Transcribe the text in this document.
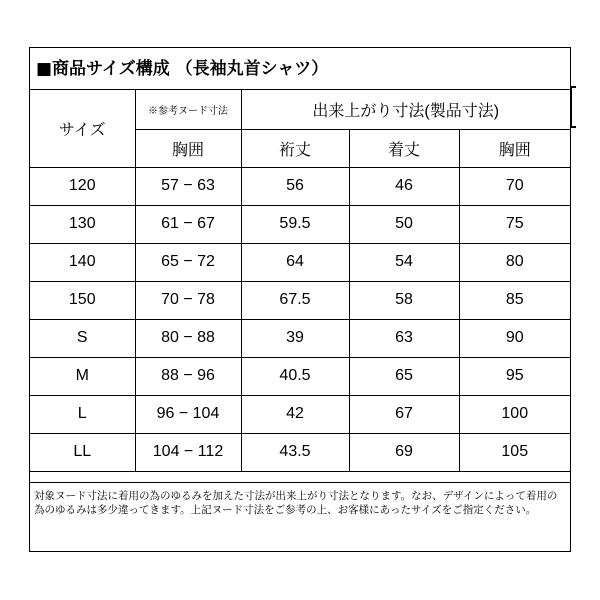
■商品サイズ構成 （長袖丸首シャツ）
サイズ	※参考ヌード寸法	出来上がり寸法(製品寸法)		
	胸囲	裄丈	着丈	胸囲
120	57 − 63	56	46	70
130	61 − 67	59.5	50	75
140	65 − 72	64	54	80
150	70 − 78	67.5	58	85
S	80 − 88	39	63	90
M	88 − 96	40.5	65	95
L	96 − 104	42	67	100
LL	104 − 112	43.5	69	105
対象ヌード寸法に着用の為のゆるみを加えた寸法が出来上がり寸法となります。なお、デザインによって着用の為のゆるみは多少違ってきます。上記ヌード寸法をご参考の上、お客様にあったサイズをご指定ください。
